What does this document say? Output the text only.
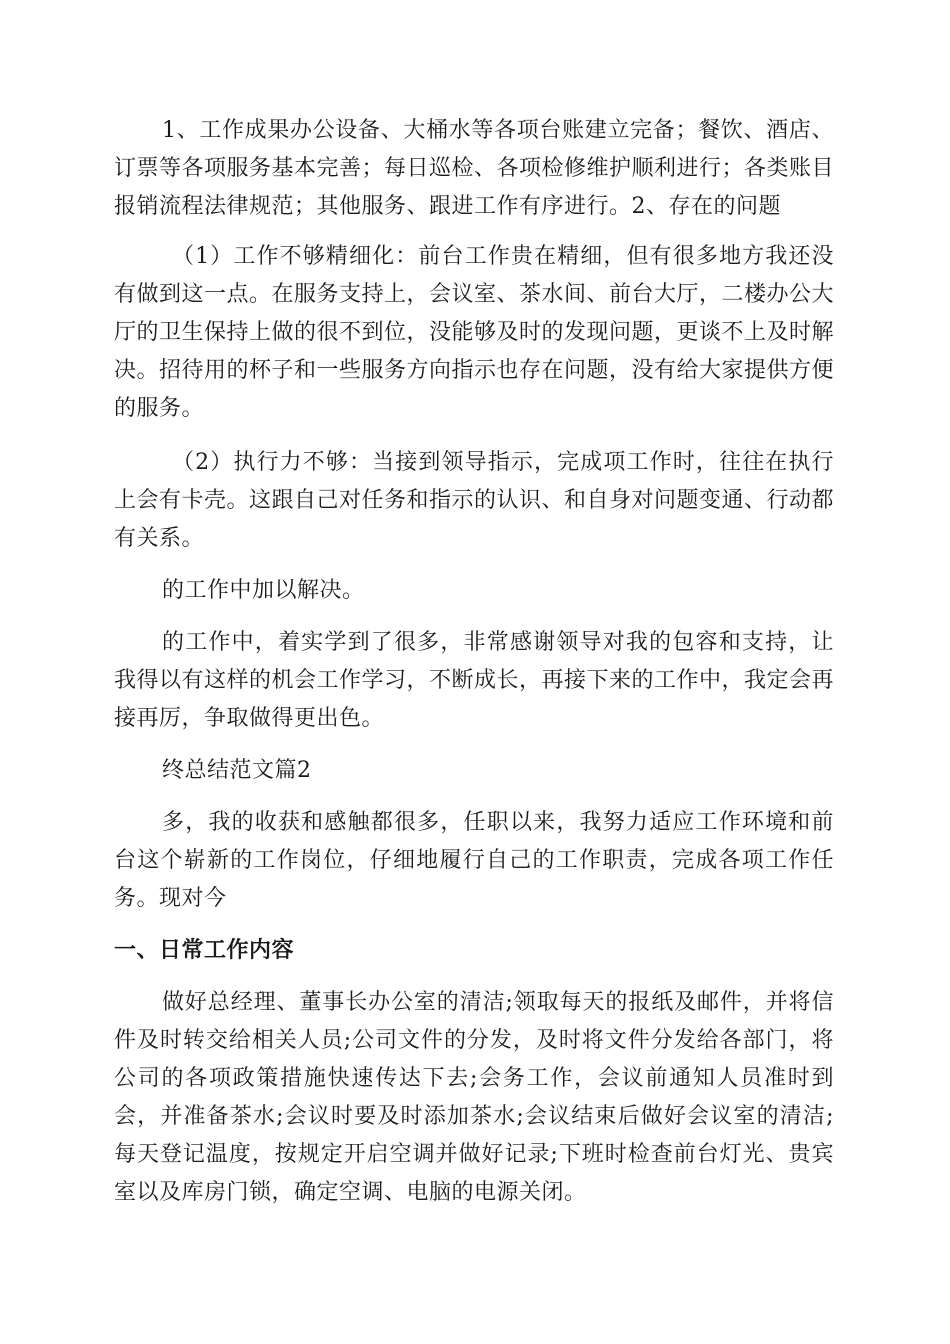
1、工作成果办公设备、大桶水等各项台账建立完备；餐饮、酒店、订票等各项服务基本完善；每日巡检、各项检修维护顺利进行；各类账目报销流程法律规范；其他服务、跟进工作有序进行。2、存在的问题

（1）工作不够精细化：前台工作贵在精细，但有很多地方我还没有做到这一点。在服务支持上，会议室、茶水间、前台大厅，二楼办公大厅的卫生保持上做的很不到位，没能够及时的发现问题，更谈不上及时解决。招待用的杯子和一些服务方向指示也存在问题，没有给大家提供方便的服务。

（2）执行力不够：当接到领导指示，完成项工作时，往往在执行上会有卡壳。这跟自己对任务和指示的认识、和自身对问题变通、行动都有关系。

的工作中加以解决。

的工作中，着实学到了很多，非常感谢领导对我的包容和支持，让我得以有这样的机会工作学习，不断成长，再接下来的工作中，我定会再接再厉，争取做得更出色。

终总结范文篇2

多，我的收获和感触都很多，任职以来，我努力适应工作环境和前台这个崭新的工作岗位，仔细地履行自己的工作职责，完成各项工作任务。现对今

一、日常工作内容

做好总经理、董事长办公室的清洁;领取每天的报纸及邮件，并将信件及时转交给相关人员;公司文件的分发，及时将文件分发给各部门，将公司的各项政策措施快速传达下去;会务工作，会议前通知人员准时到会，并准备茶水;会议时要及时添加茶水;会议结束后做好会议室的清洁;每天登记温度，按规定开启空调并做好记录;下班时检查前台灯光、贵宾室以及库房门锁，确定空调、电脑的电源关闭。
